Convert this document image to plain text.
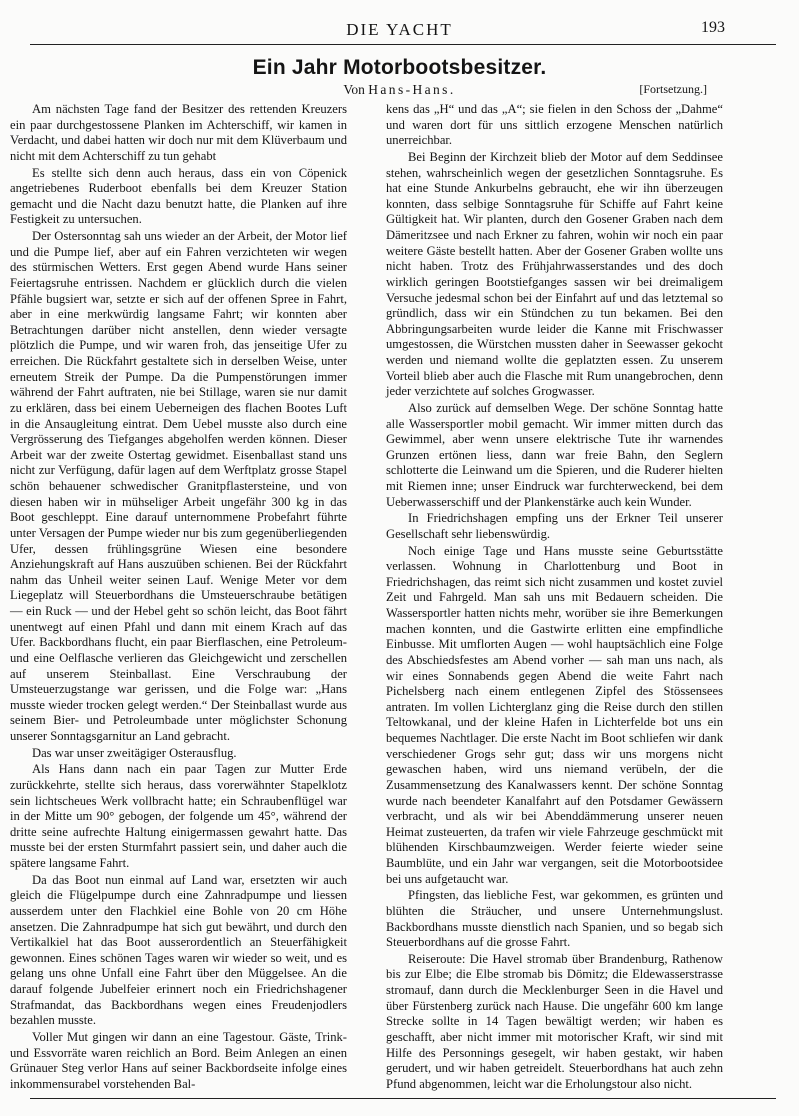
DIE YACHT	193
Ein Jahr Motorbootsbesitzer.
Von Hans-Hans.	[Fortsetzung.]

Am nächsten Tage fand der Besitzer des rettenden Kreuzers ein paar durchgestossene Planken im Achterschiff, wir kamen in Verdacht, und dabei hatten wir doch nur mit dem Klüverbaum und nicht mit dem Achterschiff zu tun gehabt

Es stellte sich denn auch heraus, dass ein von Cöpenick angetriebenes Ruderboot ebenfalls bei dem Kreuzer Station gemacht und die Nacht dazu benutzt hatte, die Planken auf ihre Festigkeit zu untersuchen.

Der Ostersonntag sah uns wieder an der Arbeit, der Motor lief und die Pumpe lief, aber auf ein Fahren verzichteten wir wegen des stürmischen Wetters. Erst gegen Abend wurde Hans seiner Feiertagsruhe entrissen. Nachdem er glücklich durch die vielen Pfähle bugsiert war, setzte er sich auf der offenen Spree in Fahrt, aber in eine merkwürdig langsame Fahrt; wir konnten aber Betrachtungen darüber nicht anstellen, denn wieder versagte plötzlich die Pumpe, und wir waren froh, das jenseitige Ufer zu erreichen. Die Rückfahrt gestaltete sich in derselben Weise, unter erneutem Streik der Pumpe. Da die Pumpenstörungen immer während der Fahrt auftraten, nie bei Stillage, waren sie nur damit zu erklären, dass bei einem Ueberneigen des flachen Bootes Luft in die Ansaugleitung eintrat. Dem Uebel musste also durch eine Vergrösserung des Tiefganges abgeholfen werden können. Dieser Arbeit war der zweite Ostertag gewidmet. Eisenballast stand uns nicht zur Verfügung, dafür lagen auf dem Werftplatz grosse Stapel schön behauener schwedischer Granitpflastersteine, und von diesen haben wir in mühseliger Arbeit ungefähr 300 kg in das Boot geschleppt. Eine darauf unternommene Probefahrt führte unter Versagen der Pumpe wieder nur bis zum gegenüberliegenden Ufer, dessen frühlingsgrüne Wiesen eine besondere Anziehungskraft auf Hans auszuüben schienen. Bei der Rückfahrt nahm das Unheil weiter seinen Lauf. Wenige Meter vor dem Liegeplatz will Steuerbordhans die Umsteuerschraube betätigen — ein Ruck — und der Hebel geht so schön leicht, das Boot fährt unentwegt auf einen Pfahl und dann mit einem Krach auf das Ufer. Backbordhans flucht, ein paar Bierflaschen, eine Petroleum- und eine Oelflasche verlieren das Gleichgewicht und zerschellen auf unserem Steinballast. Eine Verschraubung der Umsteuerzugstange war gerissen, und die Folge war: „Hans musste wieder trocken gelegt werden.“ Der Steinballast wurde aus seinem Bier- und Petroleumbade unter möglichster Schonung unserer Sonntagsgarnitur an Land gebracht.

Das war unser zweitägiger Osterausflug.

Als Hans dann nach ein paar Tagen zur Mutter Erde zurückkehrte, stellte sich heraus, dass vorerwähnter Stapelklotz sein lichtscheues Werk vollbracht hatte; ein Schraubenflügel war in der Mitte um 90° gebogen, der folgende um 45°, während der dritte seine aufrechte Haltung einigermassen gewahrt hatte. Das musste bei der ersten Sturmfahrt passiert sein, und daher auch die spätere langsame Fahrt.

Da das Boot nun einmal auf Land war, ersetzten wir auch gleich die Flügelpumpe durch eine Zahnradpumpe und liessen ausserdem unter den Flachkiel eine Bohle von 20 cm Höhe ansetzen. Die Zahnradpumpe hat sich gut bewährt, und durch den Vertikalkiel hat das Boot ausserordentlich an Steuerfähigkeit gewonnen. Eines schönen Tages waren wir wieder so weit, und es gelang uns ohne Unfall eine Fahrt über den Müggelsee. An die darauf folgende Jubelfeier erinnert noch ein Friedrichshagener Strafmandat, das Backbordhans wegen eines Freudenjodlers bezahlen musste.

Voller Mut gingen wir dann an eine Tagestour. Gäste, Trink- und Essvorräte waren reichlich an Bord. Beim Anlegen an einen Grünauer Steg verlor Hans auf seiner Backbordseite infolge eines inkommensurabel vorstehenden Bal-

kens das „H“ und das „A“; sie fielen in den Schoss der „Dahme“ und waren dort für uns sittlich erzogene Menschen natürlich unerreichbar.

Bei Beginn der Kirchzeit blieb der Motor auf dem Seddinsee stehen, wahrscheinlich wegen der gesetzlichen Sonntagsruhe. Es hat eine Stunde Ankurbelns gebraucht, ehe wir ihn überzeugen konnten, dass selbige Sonntagsruhe für Schiffe auf Fahrt keine Gültigkeit hat. Wir planten, durch den Gosener Graben nach dem Dämeritzsee und nach Erkner zu fahren, wohin wir noch ein paar weitere Gäste bestellt hatten. Aber der Gosener Graben wollte uns nicht haben. Trotz des Frühjahrwasserstandes und des doch wirklich geringen Bootstiefganges sassen wir bei dreimaligem Versuche jedesmal schon bei der Einfahrt auf und das letztemal so gründlich, dass wir ein Stündchen zu tun bekamen. Bei den Abbringungsarbeiten wurde leider die Kanne mit Frischwasser umgestossen, die Würstchen mussten daher in Seewasser gekocht werden und niemand wollte die geplatzten essen. Zu unserem Vorteil blieb aber auch die Flasche mit Rum unangebrochen, denn jeder verzichtete auf solches Grogwasser.

Also zurück auf demselben Wege. Der schöne Sonntag hatte alle Wassersportler mobil gemacht. Wir immer mitten durch das Gewimmel, aber wenn unsere elektrische Tute ihr warnendes Grunzen ertönen liess, dann war freie Bahn, den Seglern schlotterte die Leinwand um die Spieren, und die Ruderer hielten mit Riemen inne; unser Eindruck war furchterweckend, bei dem Ueberwasserschiff und der Plankenstärke auch kein Wunder.

In Friedrichshagen empfing uns der Erkner Teil unserer Gesellschaft sehr liebenswürdig.

Noch einige Tage und Hans musste seine Geburtsstätte verlassen. Wohnung in Charlottenburg und Boot in Friedrichshagen, das reimt sich nicht zusammen und kostet zuviel Zeit und Fahrgeld. Man sah uns mit Bedauern scheiden. Die Wassersportler hatten nichts mehr, worüber sie ihre Bemerkungen machen konnten, und die Gastwirte erlitten eine empfindliche Einbusse. Mit umflorten Augen — wohl hauptsächlich eine Folge des Abschiedsfestes am Abend vorher — sah man uns nach, als wir eines Sonnabends gegen Abend die weite Fahrt nach Pichelsberg nach einem entlegenen Zipfel des Stössensees antraten. Im vollen Lichterglanz ging die Reise durch den stillen Teltowkanal, und der kleine Hafen in Lichterfelde bot uns ein bequemes Nachtlager. Die erste Nacht im Boot schliefen wir dank verschiedener Grogs sehr gut; dass wir uns morgens nicht gewaschen haben, wird uns niemand verübeln, der die Zusammensetzung des Kanalwassers kennt. Der schöne Sonntag wurde nach beendeter Kanalfahrt auf den Potsdamer Gewässern verbracht, und als wir bei Abenddämmerung unserer neuen Heimat zusteuerten, da trafen wir viele Fahrzeuge geschmückt mit blühenden Kirschbaumzweigen. Werder feierte wieder seine Baumblüte, und ein Jahr war vergangen, seit die Motorbootsidee bei uns aufgetaucht war.

Pfingsten, das liebliche Fest, war gekommen, es grünten und blühten die Sträucher, und unsere Unternehmungslust. Backbordhans musste dienstlich nach Spanien, und so begab sich Steuerbordhans auf die grosse Fahrt.

Reiseroute: Die Havel stromab über Brandenburg, Rathenow bis zur Elbe; die Elbe stromab bis Dömitz; die Eldewasserstrasse stromauf, dann durch die Mecklenburger Seen in die Havel und über Fürstenberg zurück nach Hause. Die ungefähr 600 km lange Strecke sollte in 14 Tagen bewältigt werden; wir haben es geschafft, aber nicht immer mit motorischer Kraft, wir sind mit Hilfe des Personnings gesegelt, wir haben gestakt, wir haben gerudert, und wir haben getreidelt. Steuerbordhans hat auch zehn Pfund abgenommen, leicht war die Erholungstour also nicht.
